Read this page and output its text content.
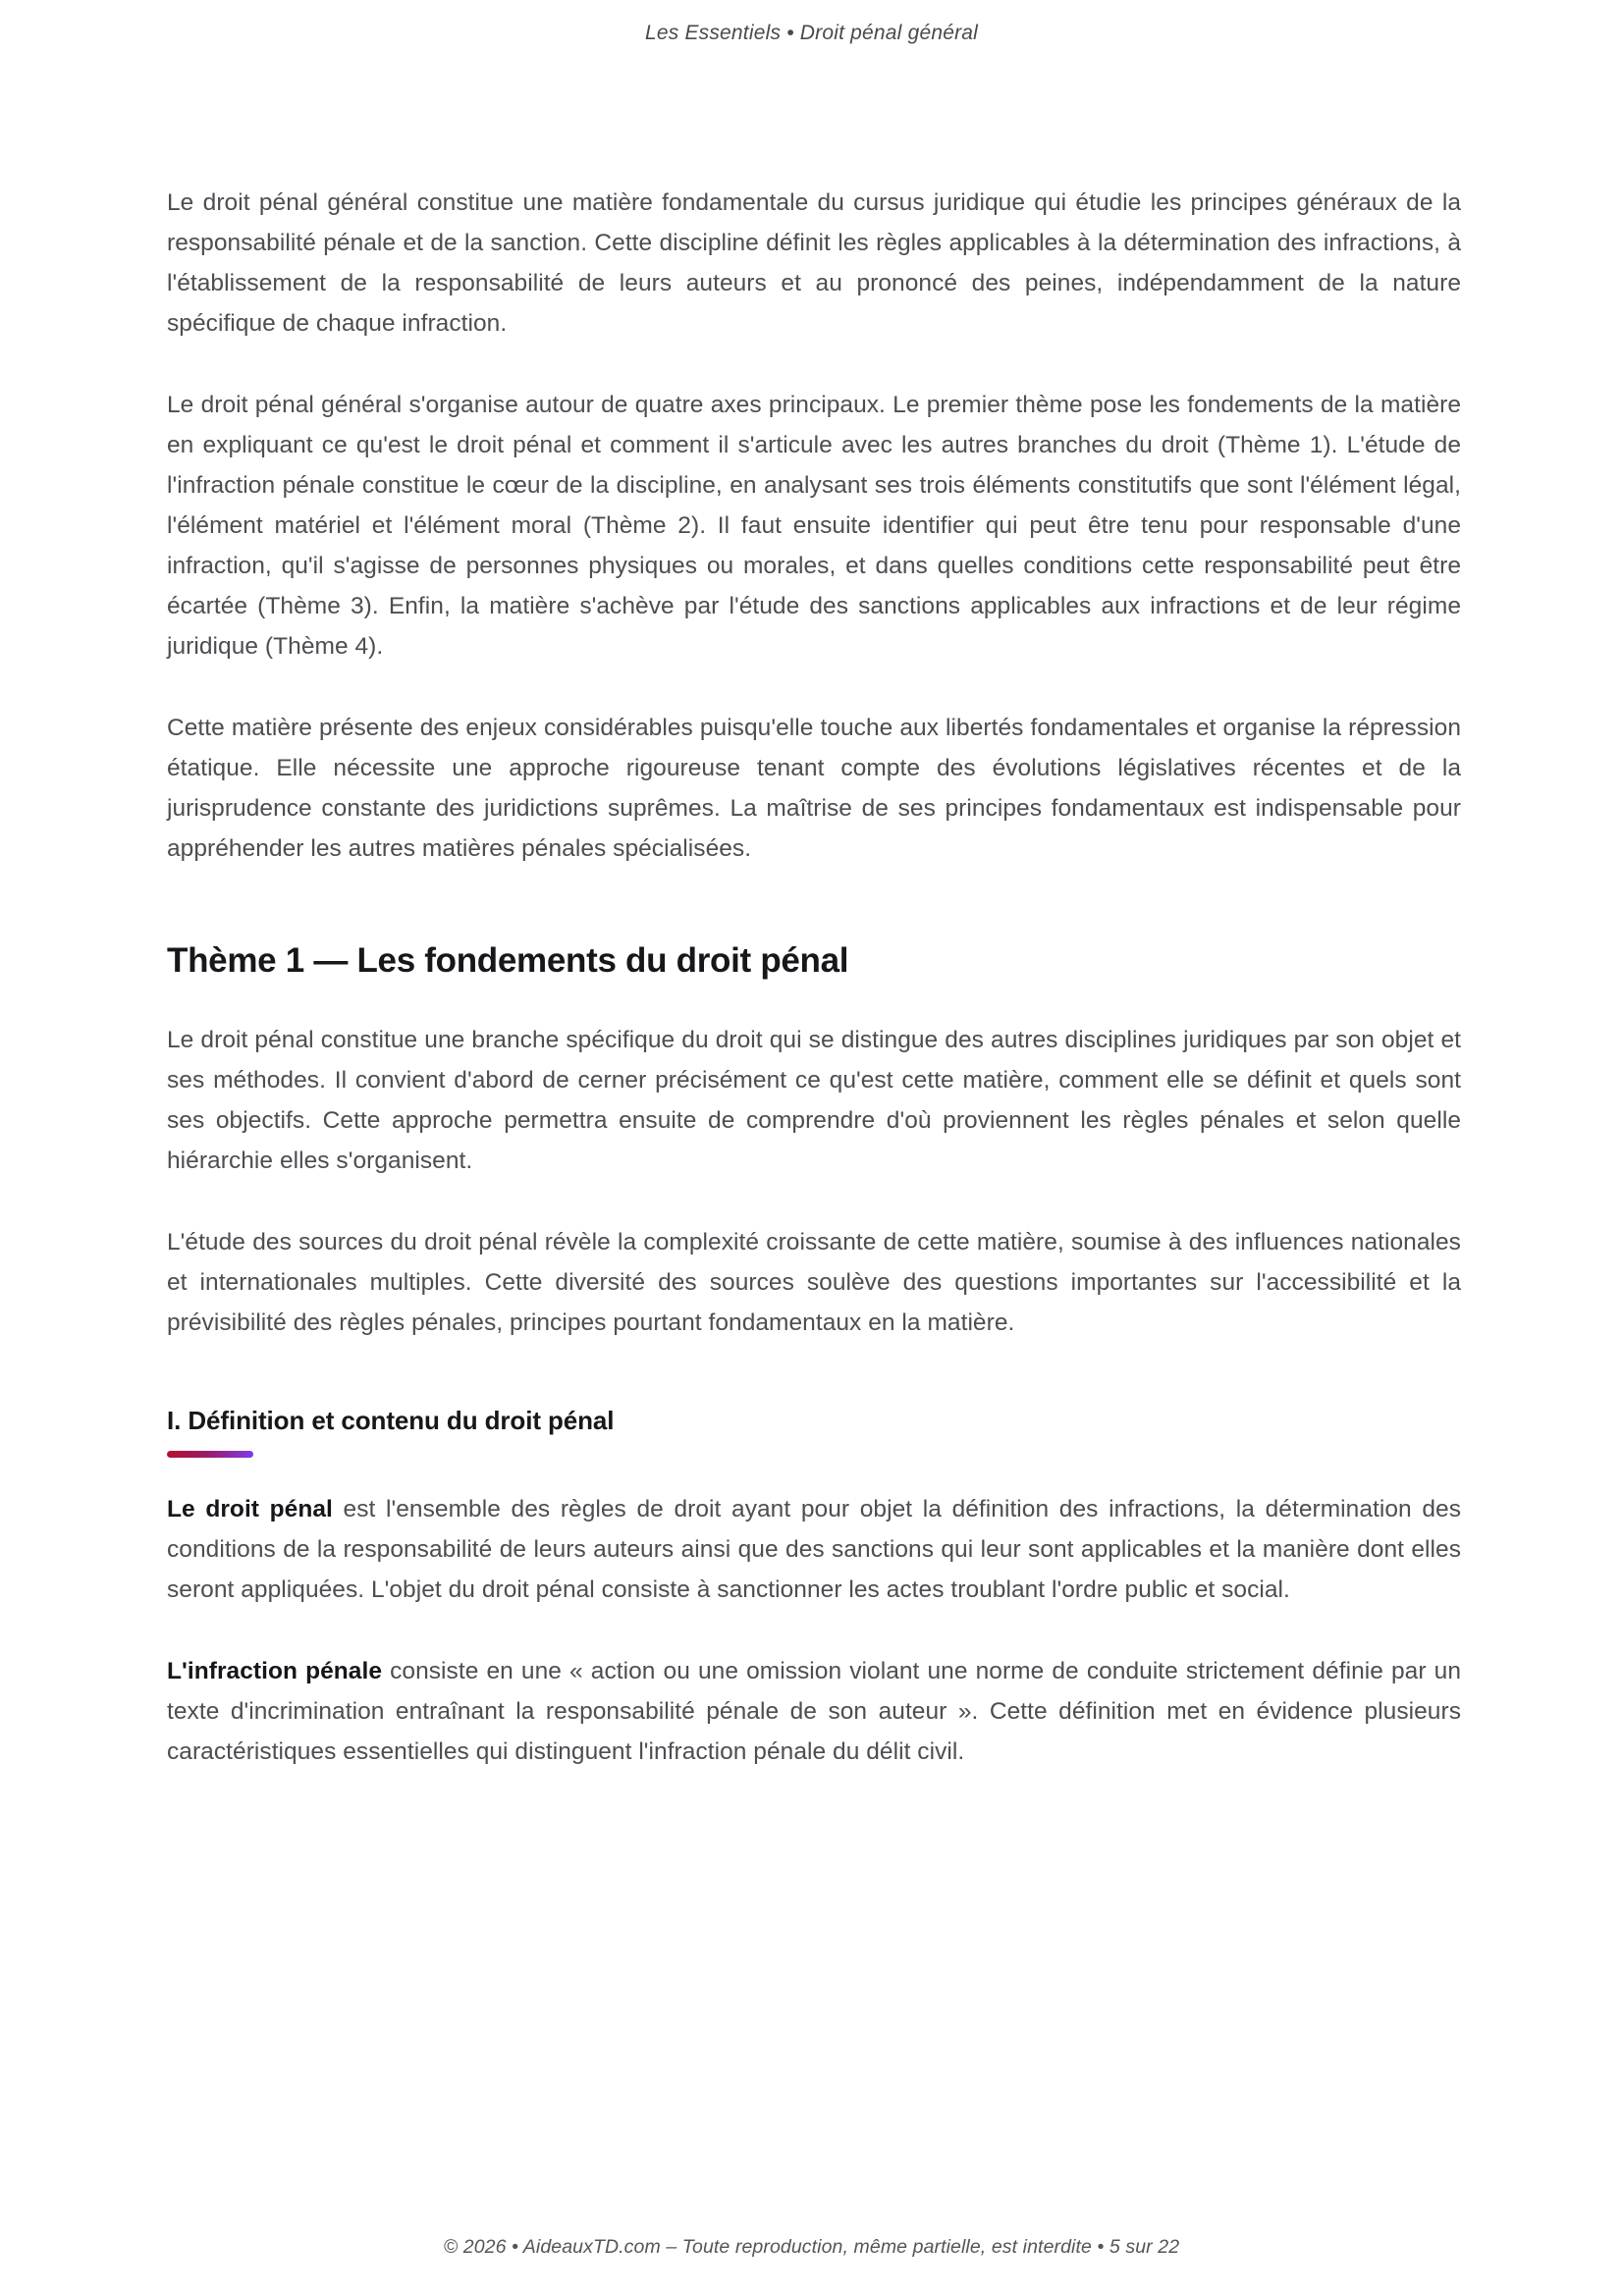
Les Essentiels • Droit pénal général

Le droit pénal général constitue une matière fondamentale du cursus juridique qui étudie les principes généraux de la responsabilité pénale et de la sanction. Cette discipline définit les règles applicables à la détermination des infractions, à l'établissement de la responsabilité de leurs auteurs et au prononcé des peines, indépendamment de la nature spécifique de chaque infraction.

Le droit pénal général s'organise autour de quatre axes principaux. Le premier thème pose les fondements de la matière en expliquant ce qu'est le droit pénal et comment il s'articule avec les autres branches du droit (Thème 1). L'étude de l'infraction pénale constitue le cœur de la discipline, en analysant ses trois éléments constitutifs que sont l'élément légal, l'élément matériel et l'élément moral (Thème 2). Il faut ensuite identifier qui peut être tenu pour responsable d'une infraction, qu'il s'agisse de personnes physiques ou morales, et dans quelles conditions cette responsabilité peut être écartée (Thème 3). Enfin, la matière s'achève par l'étude des sanctions applicables aux infractions et de leur régime juridique (Thème 4).

Cette matière présente des enjeux considérables puisqu'elle touche aux libertés fondamentales et organise la répression étatique. Elle nécessite une approche rigoureuse tenant compte des évolutions législatives récentes et de la jurisprudence constante des juridictions suprêmes. La maîtrise de ses principes fondamentaux est indispensable pour appréhender les autres matières pénales spécialisées.

Thème 1 — Les fondements du droit pénal

Le droit pénal constitue une branche spécifique du droit qui se distingue des autres disciplines juridiques par son objet et ses méthodes. Il convient d'abord de cerner précisément ce qu'est cette matière, comment elle se définit et quels sont ses objectifs. Cette approche permettra ensuite de comprendre d'où proviennent les règles pénales et selon quelle hiérarchie elles s'organisent.

L'étude des sources du droit pénal révèle la complexité croissante de cette matière, soumise à des influences nationales et internationales multiples. Cette diversité des sources soulève des questions importantes sur l'accessibilité et la prévisibilité des règles pénales, principes pourtant fondamentaux en la matière.

I. Définition et contenu du droit pénal

Le droit pénal est l'ensemble des règles de droit ayant pour objet la définition des infractions, la détermination des conditions de la responsabilité de leurs auteurs ainsi que des sanctions qui leur sont applicables et la manière dont elles seront appliquées. L'objet du droit pénal consiste à sanctionner les actes troublant l'ordre public et social.

L'infraction pénale consiste en une « action ou une omission violant une norme de conduite strictement définie par un texte d'incrimination entraînant la responsabilité pénale de son auteur ». Cette définition met en évidence plusieurs caractéristiques essentielles qui distinguent l'infraction pénale du délit civil.

© 2026 • AideauxTD.com – Toute reproduction, même partielle, est interdite • 5 sur 22
